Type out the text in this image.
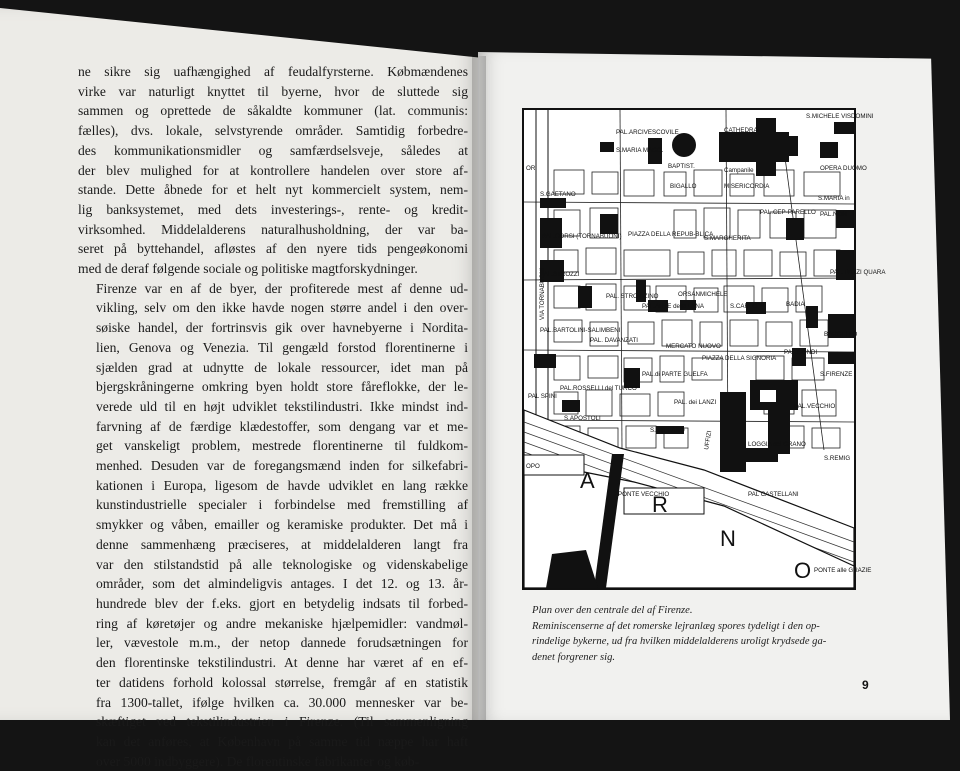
ne sikre sig uafhængighed af feudalfyrsterne. Købmændenes
virke var naturligt knyttet til byerne, hvor de sluttede sig
sammen og oprettede de såkaldte kommuner (lat. communis:
fælles), dvs. lokale, selvstyrende områder. Samtidig forbedre-
des kommunikationsmidler og samfærdselsveje, således at
der blev mulighed for at kontrollere handelen over store af-
stande. Dette åbnede for et helt nyt kommercielt system, nem-
lig banksystemet, med dets investerings-, rente- og kredit-
virksomhed. Middelalderens naturalhusholdning, der var ba-
seret på byttehandel, afløstes af den nyere tids pengeøkonomi
med de deraf følgende sociale og politiske magtforskydninger.

Firenze var en af de byer, der profiterede mest af denne ud-
vikling, selv om den ikke havde nogen større andel i den over-
søiske handel, der fortrinsvis gik over havnebyerne i Nordita-
lien, Genova og Venezia. Til gengæld forstod florentinerne i
sjælden grad at udnytte de lokale ressourcer, idet man på
bjergskråningerne omkring byen holdt store fåreflokke, der le-
verede uld til en højt udviklet tekstilindustri. Ikke mindst ind-
farvning af de færdige klædestoffer, som dengang var et me-
get vanskeligt problem, mestrede florentinerne til fuldkom-
menhed. Desuden var de foregangsmænd inden for silkefabri-
kationen i Europa, ligesom de havde udviklet en lang række
kunstindustrielle specialer i forbindelse med fremstilling af
smykker og våben, emailler og keramiske produkter. Det må i
denne sammenhæng præciseres, at middelalderen langt fra
var den stilstandstid på alle teknologiske og videnskabelige
områder, som det almindeligvis antages. I det 12. og 13. år-
hundrede blev der f.eks. gjort en betydelig indsats til forbed-
ring af køretøjer og andre mekaniske hjælpemidler: vandmøl-
ler, vævestole m.m., der netop dannede forudsætningen for
den florentinske tekstilindustri. At denne har været af en ef-
ter datidens forhold kolossal størrelse, fremgår af en statistik
fra 1300-tallet, ifølge hvilken ca. 30.000 mennesker var be-
skæftiget ved tekstilindustrien i Firenze. (Til sammenligning
kan det anføres, at København på samme tid næppe har haft
over 5000 indbyggere). De florentinske fabrikanter og køb-

A
R
N
O
PAL.ARCIVESCOVILE	CATHEDRAL
S.MICHELE VISDOMINI
S.MARIA MAGG.
BAPTIST.
Campanile	OPERA DUOMO
S.GAETANO
BIGALLO	MISERICORDIA
S.MARIA in
PAL.NON
PAL.CORSI (TORNABUONI) PIAZZA DELLA REPUB-BLICA
S.MARGHERITA
PAL.CEP-PARELLO
PAL.STROZZI
PAL. STROZ-ZINO
PAL.ARTE della LANA
ORSANMICHELE
S.CARLO	BADIA
PAL. PAZZI QUARA
PAL.BARTOLINI-SALIMBENI
PAL. DAVANZATI
MERCATO NUOVO
PIAZZA DELLA SIGNORIA
PAL.GONDI
BARGELLO
PAL.di PARTE GUELFA
PAL.ROSSELLI del TURCO
PAL SPINI
S.FIRENZE
S.APOSTOLI
PAL. dei LANZI
PAL.VECCHIO
S.STEFANO	UFFIZI	LOGGIA del GRANO
S.REMIG
PONTE VECCHIO	PAL CASTELLANI
PONTE alle GRAZIE
VIA TORNABUONI
ORI
OPO
Plan over den centrale del af Firenze.
Reminiscenserne af det romerske lejranlæg spores tydeligt i den op-
rindelige bykerne, ud fra hvilken middelalderens uroligt krydsede ga-
denet forgrener sig.
9
